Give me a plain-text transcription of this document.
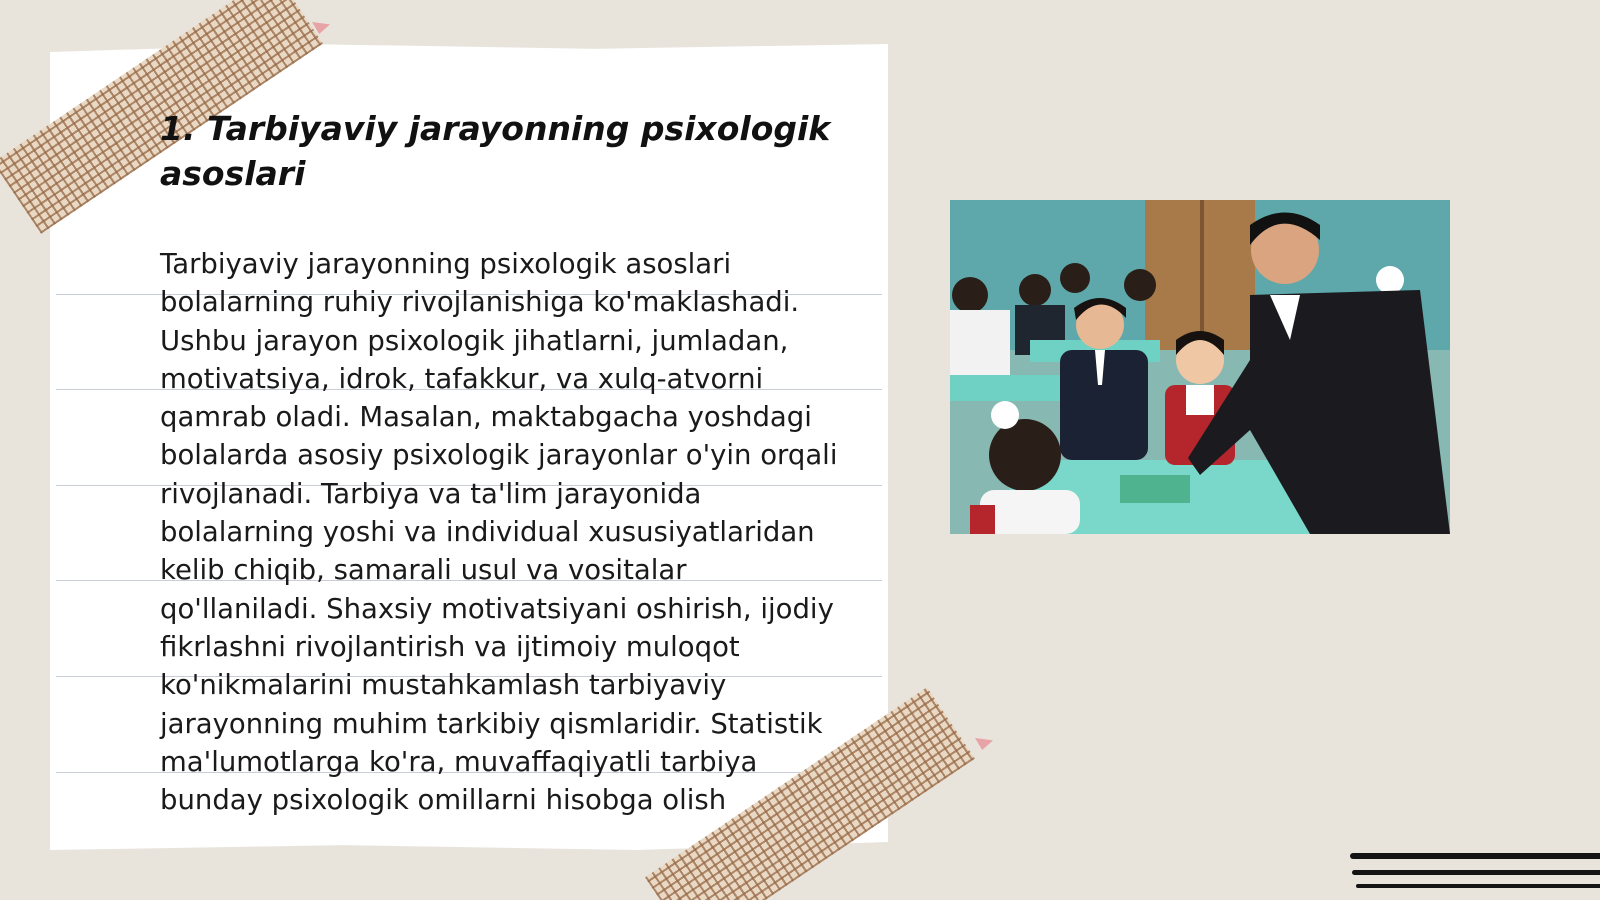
1. Tarbiyaviy jarayonning psixologik asoslari

Tarbiyaviy jarayonning psixologik asoslari bolalarning ruhiy rivojlanishiga ko'maklashadi. Ushbu jarayon psixologik jihatlarni, jumladan, motivatsiya, idrok, tafakkur, va xulq-atvorni qamrab oladi. Masalan, maktabgacha yoshdagi bolalarda asosiy psixologik jarayonlar o'yin orqali rivojlanadi. Tarbiya va ta'lim jarayonida bolalarning yoshi va individual xususiyatlaridan kelib chiqib, samarali usul va vositalar qo'llaniladi. Shaxsiy motivatsiyani oshirish, ijodiy fikrlashni rivojlantirish va ijtimoiy muloqot ko'nikmalarini mustahkamlash tarbiyaviy jarayonning muhim tarkibiy qismlaridir. Statistik ma'lumotlarga ko'ra, muvaffaqiyatli tarbiya bunday psixologik omillarni hisobga olish
